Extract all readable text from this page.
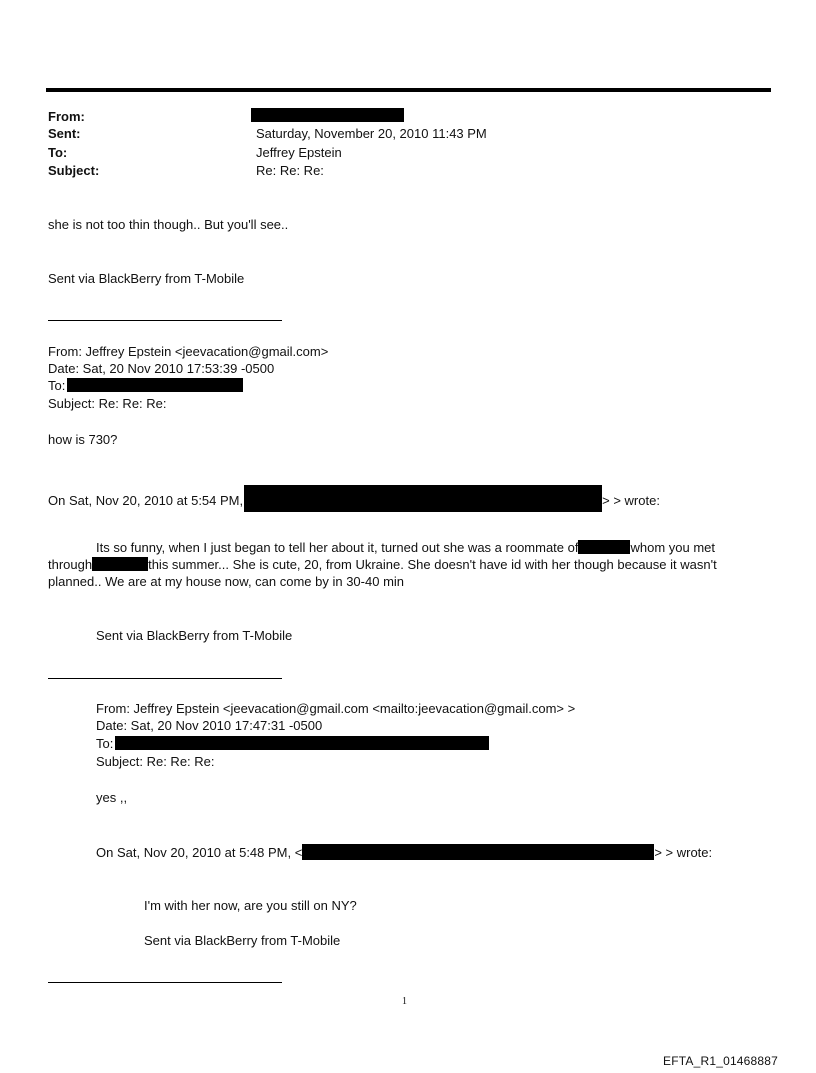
From:
Sent:	Saturday, November 20, 2010 11:43 PM
To:	Jeffrey Epstein
Subject:	Re: Re: Re:
she is not too thin though.. But you'll see..
Sent via BlackBerry from T-Mobile
From: Jeffrey Epstein <jeevacation@gmail.com>
Date: Sat, 20 Nov 2010 17:53:39 -0500
To:
Subject: Re: Re: Re:
how is 730?
On Sat, Nov 20, 2010 at 5:54 PM,	> > wrote:
Its so funny, when I just began to tell her about it, turned out she was a roommate of	whom you met
through	this summer... She is cute, 20, from Ukraine. She doesn't have id with her though because it wasn't
planned.. We are at my house now, can come by in 30-40 min
Sent via BlackBerry from T-Mobile
From: Jeffrey Epstein <jeevacation@gmail.com <mailto:jeevacation@gmail.com> >
Date: Sat, 20 Nov 2010 17:47:31 -0500
To:
Subject: Re: Re: Re:
yes ,,
On Sat, Nov 20, 2010 at 5:48 PM, <	> > wrote:
I'm with her now, are you still on NY?
Sent via BlackBerry from T-Mobile
1
EFTA_R1_01468887
